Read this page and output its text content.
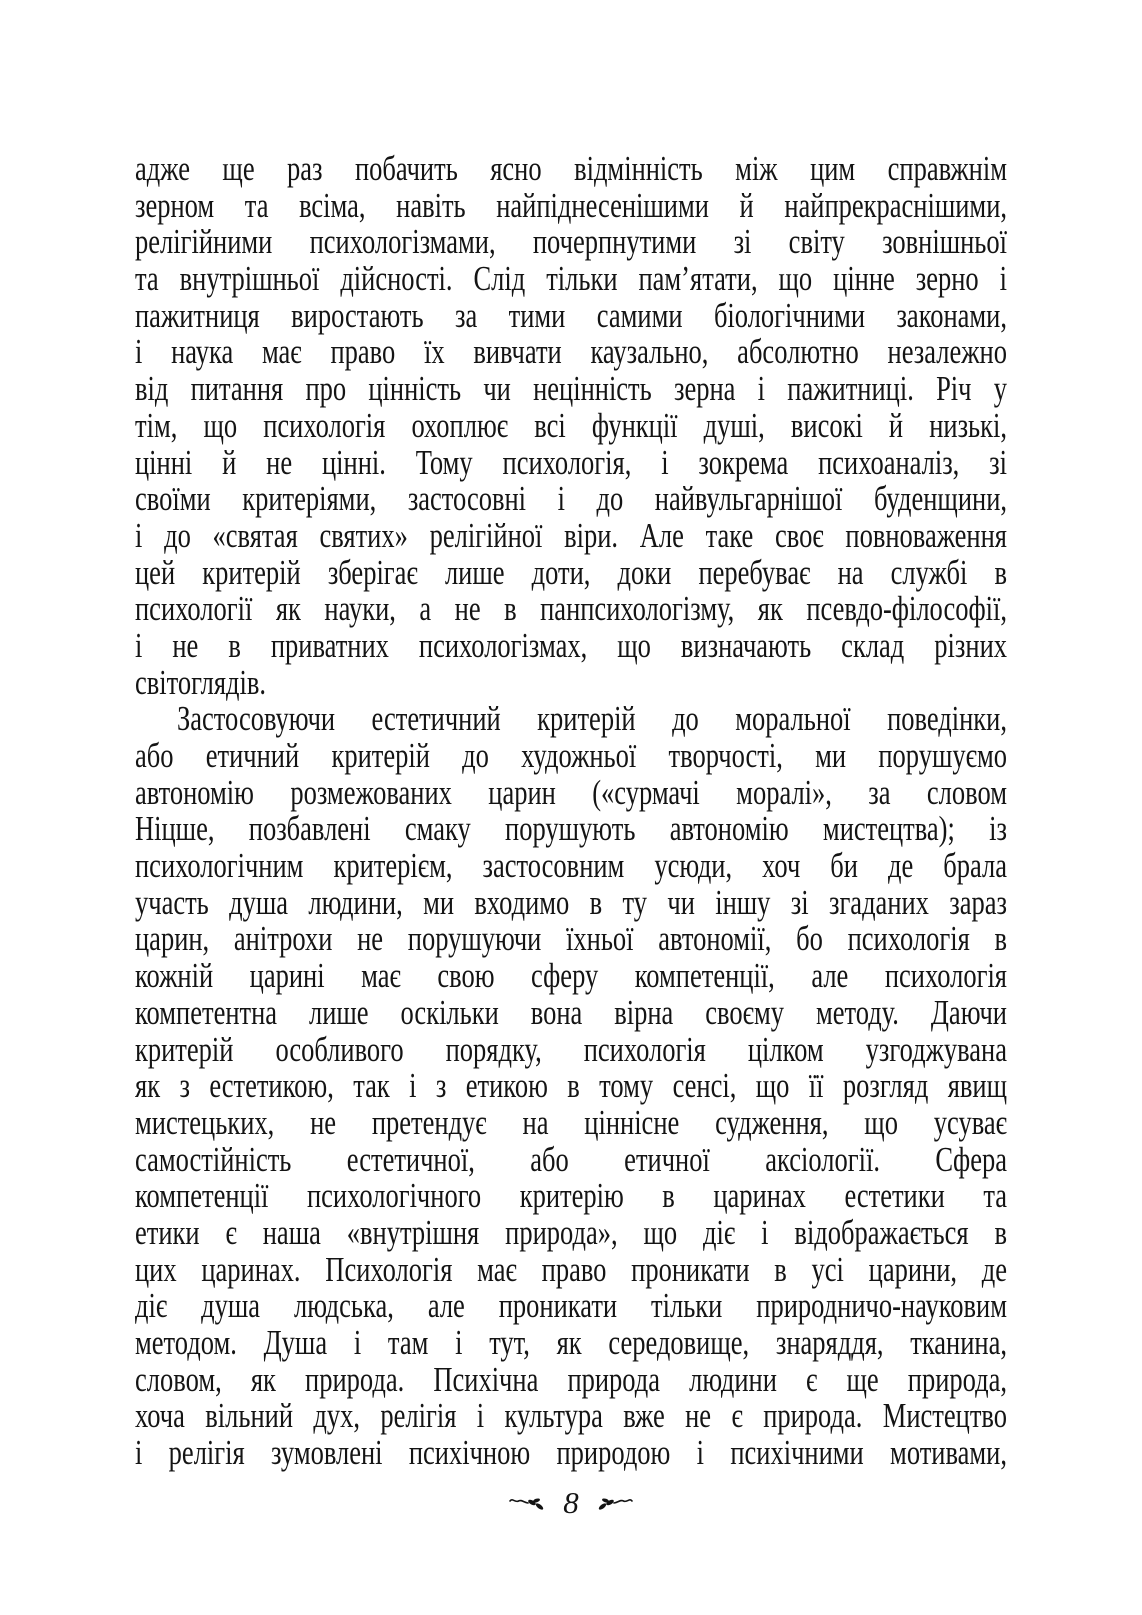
адже ще раз побачить ясно відмінність між цим справжнім
зерном та всіма, навіть найпіднесенішими й найпрекраснішими,
релігійними психологізмами, почерпнутими зі світу зовнішньої
та внутрішньої дійсності. Слід тільки пам’ятати, що цінне зерно і
пажитниця виростають за тими самими біологічними законами,
і наука має право їх вивчати каузально, абсолютно незалежно
від питання про цінність чи нецінність зерна і пажитниці. Річ у
тім, що психологія охоплює всі функції душі, високі й низькі,
цінні й не цінні. Тому психологія, і зокрема психоаналіз, зі
своїми критеріями, застосовні і до найвульгарнішої буденщини,
і до «святая святих» релігійної віри. Але таке своє повноваження
цей критерій зберігає лише доти, доки перебуває на службі в
психології як науки, а не в панпсихологізму, як псевдо-філософії,
і не в приватних психологізмах, що визначають склад різних
світоглядів.
Застосовуючи естетичний критерій до моральної поведінки,
або етичний критерій до художньої творчості, ми порушуємо
автономію розмежованих царин («сурмачі моралі», за словом
Ніцше, позбавлені смаку порушують автономію мистецтва); із
психологічним критерієм, застосовним усюди, хоч би де брала
участь душа людини, ми входимо в ту чи іншу зі згаданих зараз
царин, анітрохи не порушуючи їхньої автономії, бо психологія в
кожній царині має свою сферу компетенції, але психологія
компетентна лише оскільки вона вірна своєму методу. Даючи
критерій особливого порядку, психологія цілком узгоджувана
як з естетикою, так і з етикою в тому сенсі, що її розгляд явищ
мистецьких, не претендує на ціннісне судження, що усуває
самостійність естетичної, або етичної аксіології. Сфера
компетенції психологічного критерію в царинах естетики та
етики є наша «внутрішня природа», що діє і відображається в
цих царинах. Психологія має право проникати в усі царини, де
діє душа людська, але проникати тільки природничо-науковим
методом. Душа і там і тут, як середовище, знаряддя, тканина,
словом, як природа. Психічна природа людини є ще природа,
хоча вільний дух, релігія і культура вже не є природа. Мистецтво
і релігія зумовлені психічною природою і психічними мотивами,
8
